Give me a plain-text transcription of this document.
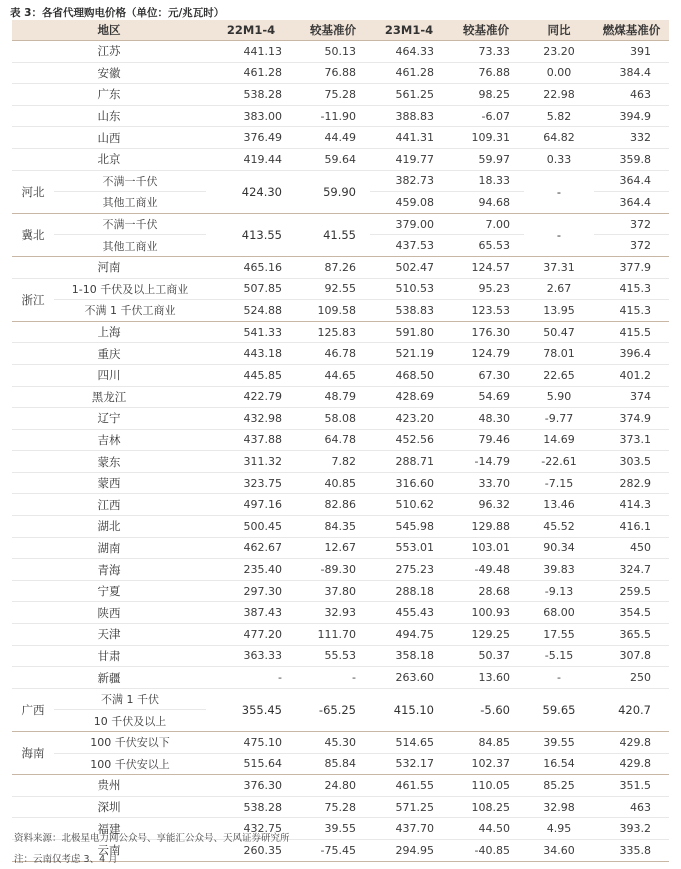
表 3：各省代理购电价格（单位：元/兆瓦时）
地区		22M1-4	较基准价	23M1-4	较基准价	同比	燃煤基准价
江苏		441.13	50.13	464.33	73.33	23.20	391
安徽		461.28	76.88	461.28	76.88	0.00	384.4
广东		538.28	75.28	561.25	98.25	22.98	463
山东		383.00	-11.90	388.83	-6.07	5.82	394.9
山西		376.49	44.49	441.31	109.31	64.82	332
北京		419.44	59.64	419.77	59.97	0.33	359.8
河北	不满一千伏	424.30	59.90	382.73	18.33	-	364.4
	其他工商业			459.08	94.68		364.4
冀北	不满一千伏	413.55	41.55	379.00	7.00	-	372
	其他工商业			437.53	65.53		372
河南		465.16	87.26	502.47	124.57	37.31	377.9
浙江	1-10 千伏及以上工商业	507.85	92.55	510.53	95.23	2.67	415.3
	不满 1 千伏工商业	524.88	109.58	538.83	123.53	13.95	415.3
上海		541.33	125.83	591.80	176.30	50.47	415.5
重庆		443.18	46.78	521.19	124.79	78.01	396.4
四川		445.85	44.65	468.50	67.30	22.65	401.2
黑龙江		422.79	48.79	428.69	54.69	5.90	374
辽宁		432.98	58.08	423.20	48.30	-9.77	374.9
吉林		437.88	64.78	452.56	79.46	14.69	373.1
蒙东		311.32	7.82	288.71	-14.79	-22.61	303.5
蒙西		323.75	40.85	316.60	33.70	-7.15	282.9
江西		497.16	82.86	510.62	96.32	13.46	414.3
湖北		500.45	84.35	545.98	129.88	45.52	416.1
湖南		462.67	12.67	553.01	103.01	90.34	450
青海		235.40	-89.30	275.23	-49.48	39.83	324.7
宁夏		297.30	37.80	288.18	28.68	-9.13	259.5
陕西		387.43	32.93	455.43	100.93	68.00	354.5
天津		477.20	111.70	494.75	129.25	17.55	365.5
甘肃		363.33	55.53	358.18	50.37	-5.15	307.8
新疆		-	-	263.60	13.60	-	250
广西	不满 1 千伏	355.45	-65.25	415.10	-5.60	59.65	420.7
	10 千伏及以上						
海南	100 千伏安以下	475.10	45.30	514.65	84.85	39.55	429.8
	100 千伏安以上	515.64	85.84	532.17	102.37	16.54	429.8
贵州		376.30	24.80	461.55	110.05	85.25	351.5
深圳		538.28	75.28	571.25	108.25	32.98	463
福建		432.75	39.55	437.70	44.50	4.95	393.2
云南		260.35	-75.45	294.95	-40.85	34.60	335.8
资料来源：北极星电力网公众号、享能汇公众号、天风证券研究所
注：云南仅考虑 3、4 月
